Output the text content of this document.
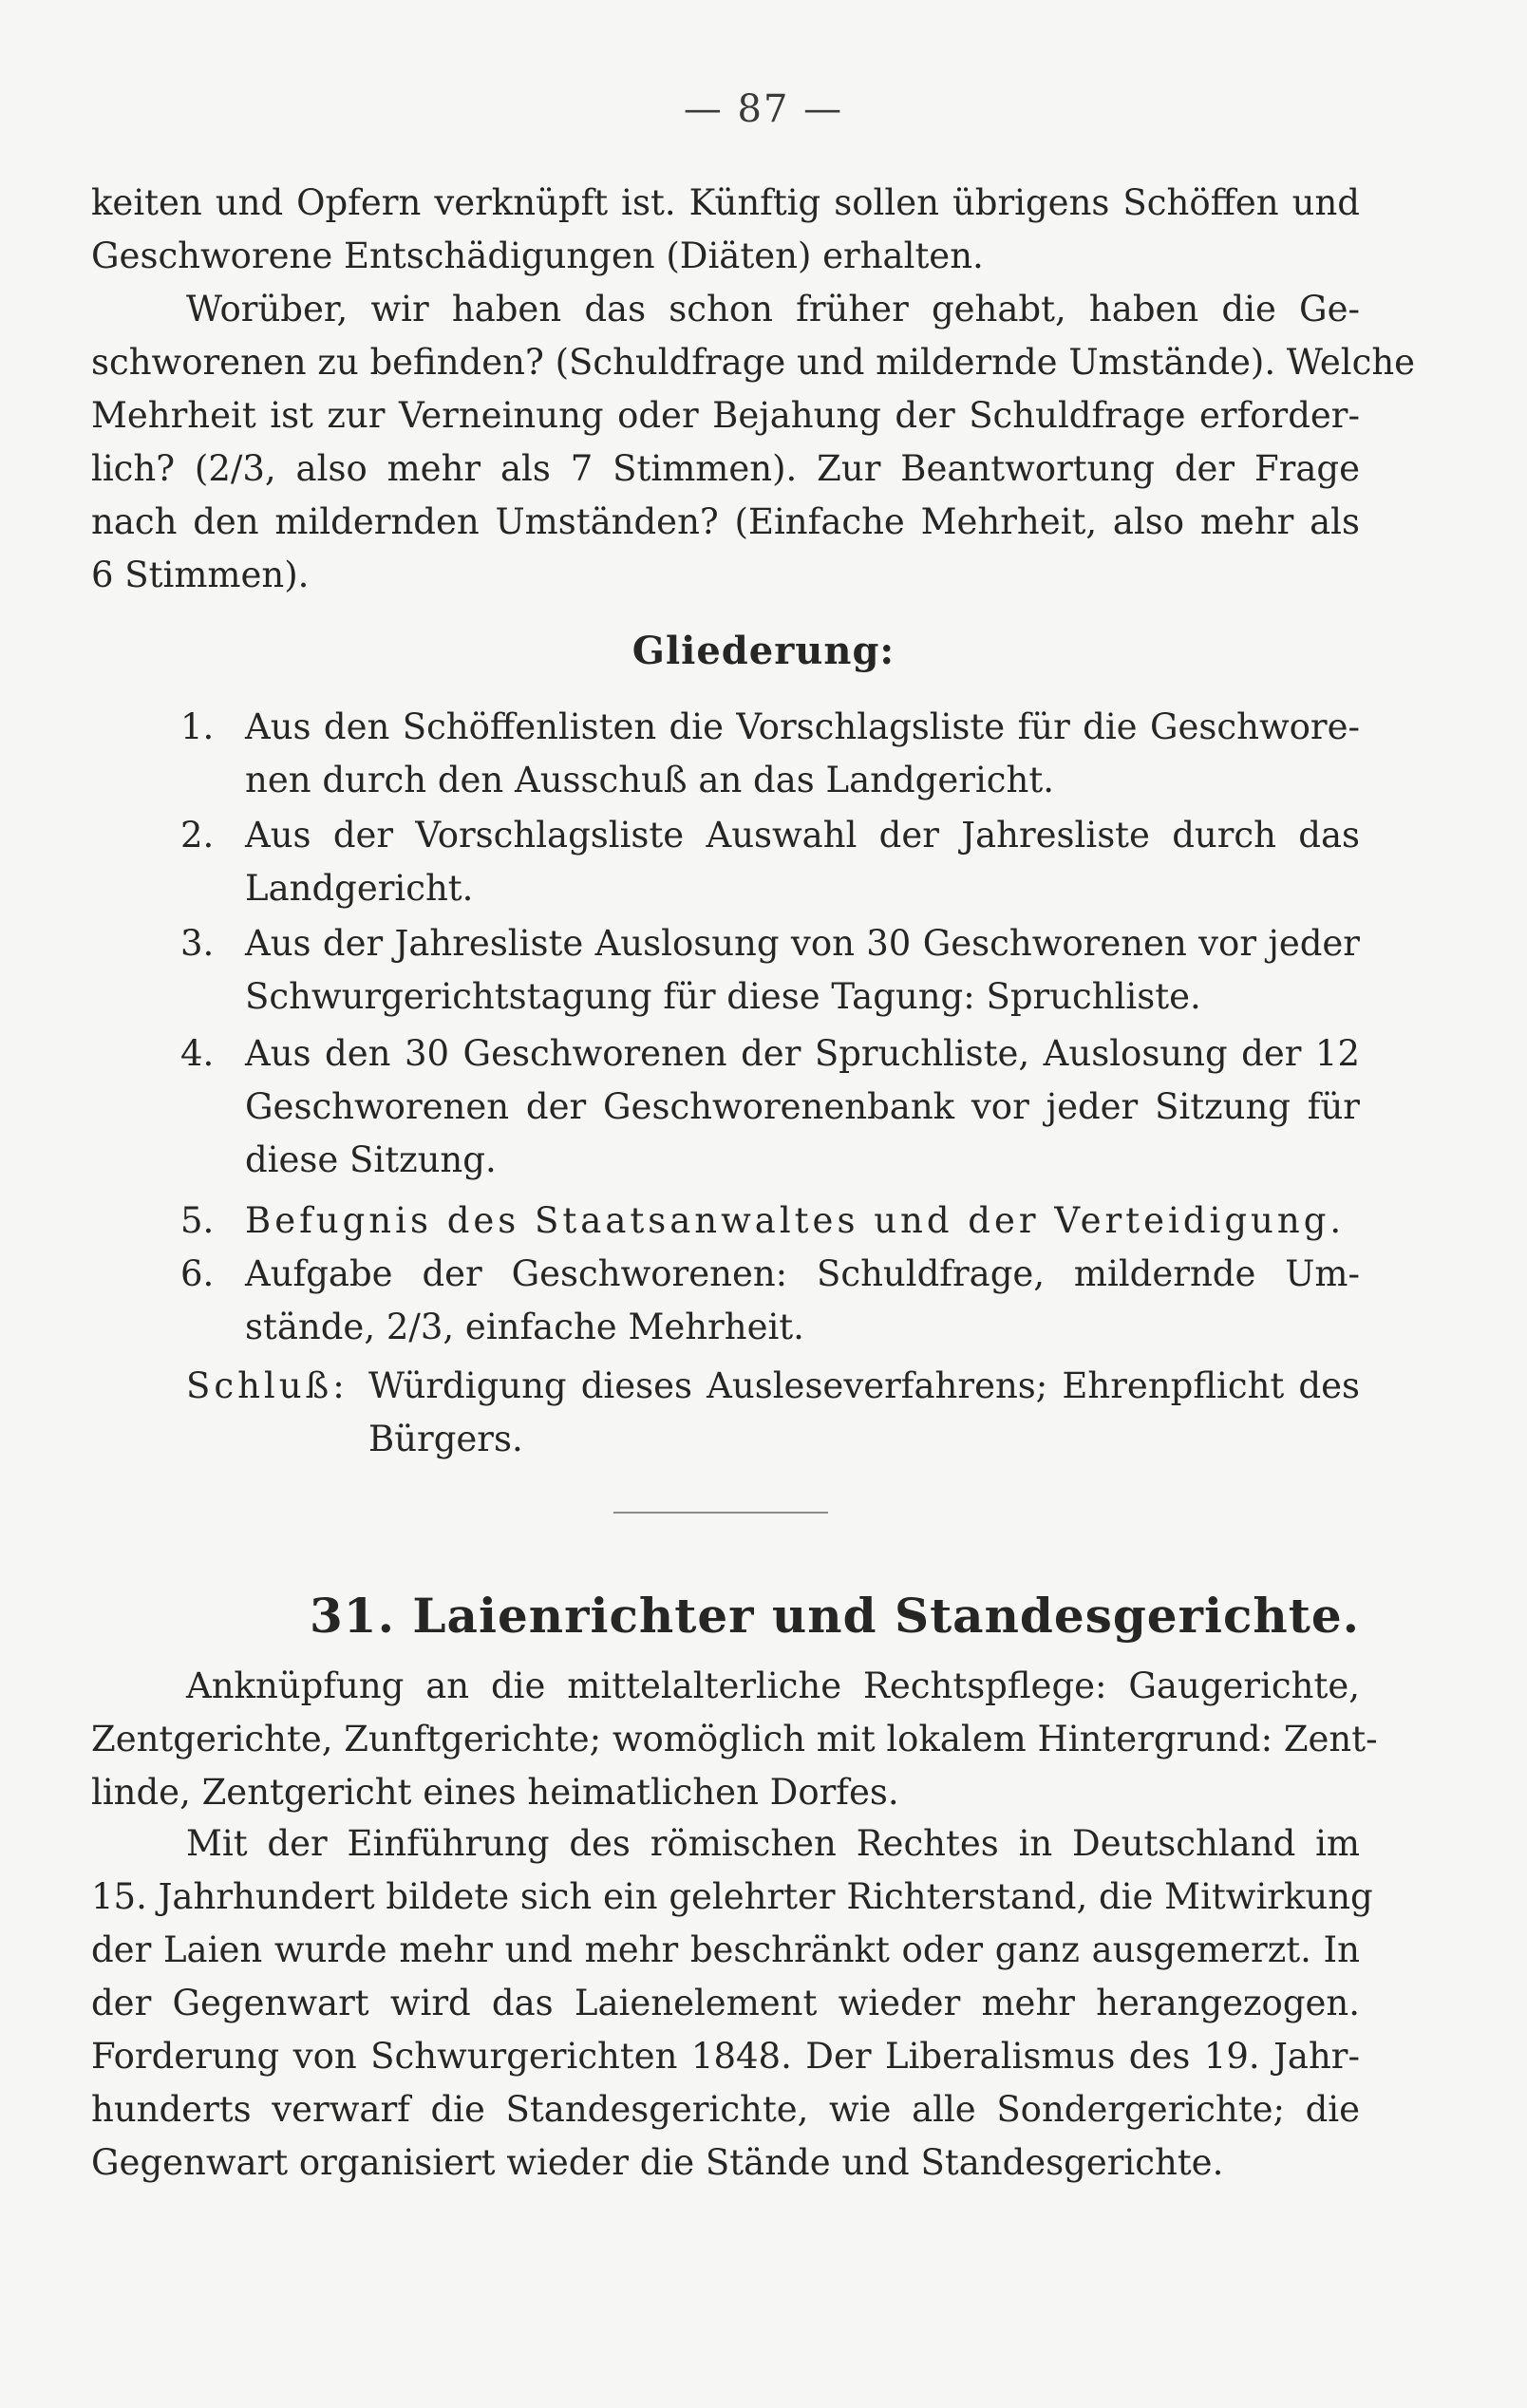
— 87 —
keiten und Opfern verknüpft ist. Künftig sollen übrigens Schöffen und
Geschworene Entschädigungen (Diäten) erhalten.
Worüber, wir haben das schon früher gehabt, haben die Ge-
schworenen zu befinden? (Schuldfrage und mildernde Umstände). Welche
Mehrheit ist zur Verneinung oder Bejahung der Schuldfrage erforder-
lich? (2/3, also mehr als 7 Stimmen). Zur Beantwortung der Frage
nach den mildernden Umständen? (Einfache Mehrheit, also mehr als
6 Stimmen).
Gliederung:
1. Aus den Schöffenlisten die Vorschlagsliste für die Geschwore-
nen durch den Ausschuß an das Landgericht.
2. Aus der Vorschlagsliste Auswahl der Jahresliste durch das
Landgericht.
3. Aus der Jahresliste Auslosung von 30 Geschworenen vor jeder
Schwurgerichtstagung für diese Tagung: Spruchliste.
4. Aus den 30 Geschworenen der Spruchliste, Auslosung der 12
Geschworenen der Geschworenenbank vor jeder Sitzung für
diese Sitzung.
5. Befugnis des Staatsanwaltes und der Verteidigung.
6. Aufgabe der Geschworenen: Schuldfrage, mildernde Um-
stände, 2/3, einfache Mehrheit.
Schluß: Würdigung dieses Ausleseverfahrens; Ehrenpflicht des
Bürgers.
31. Laienrichter und Standesgerichte.
Anknüpfung an die mittelalterliche Rechtspflege: Gaugerichte,
Zentgerichte, Zunftgerichte; womöglich mit lokalem Hintergrund: Zent-
linde, Zentgericht eines heimatlichen Dorfes.
Mit der Einführung des römischen Rechtes in Deutschland im
15. Jahrhundert bildete sich ein gelehrter Richterstand, die Mitwirkung
der Laien wurde mehr und mehr beschränkt oder ganz ausgemerzt. In
der Gegenwart wird das Laienelement wieder mehr herangezogen.
Forderung von Schwurgerichten 1848. Der Liberalismus des 19. Jahr-
hunderts verwarf die Standesgerichte, wie alle Sondergerichte; die
Gegenwart organisiert wieder die Stände und Standesgerichte.
